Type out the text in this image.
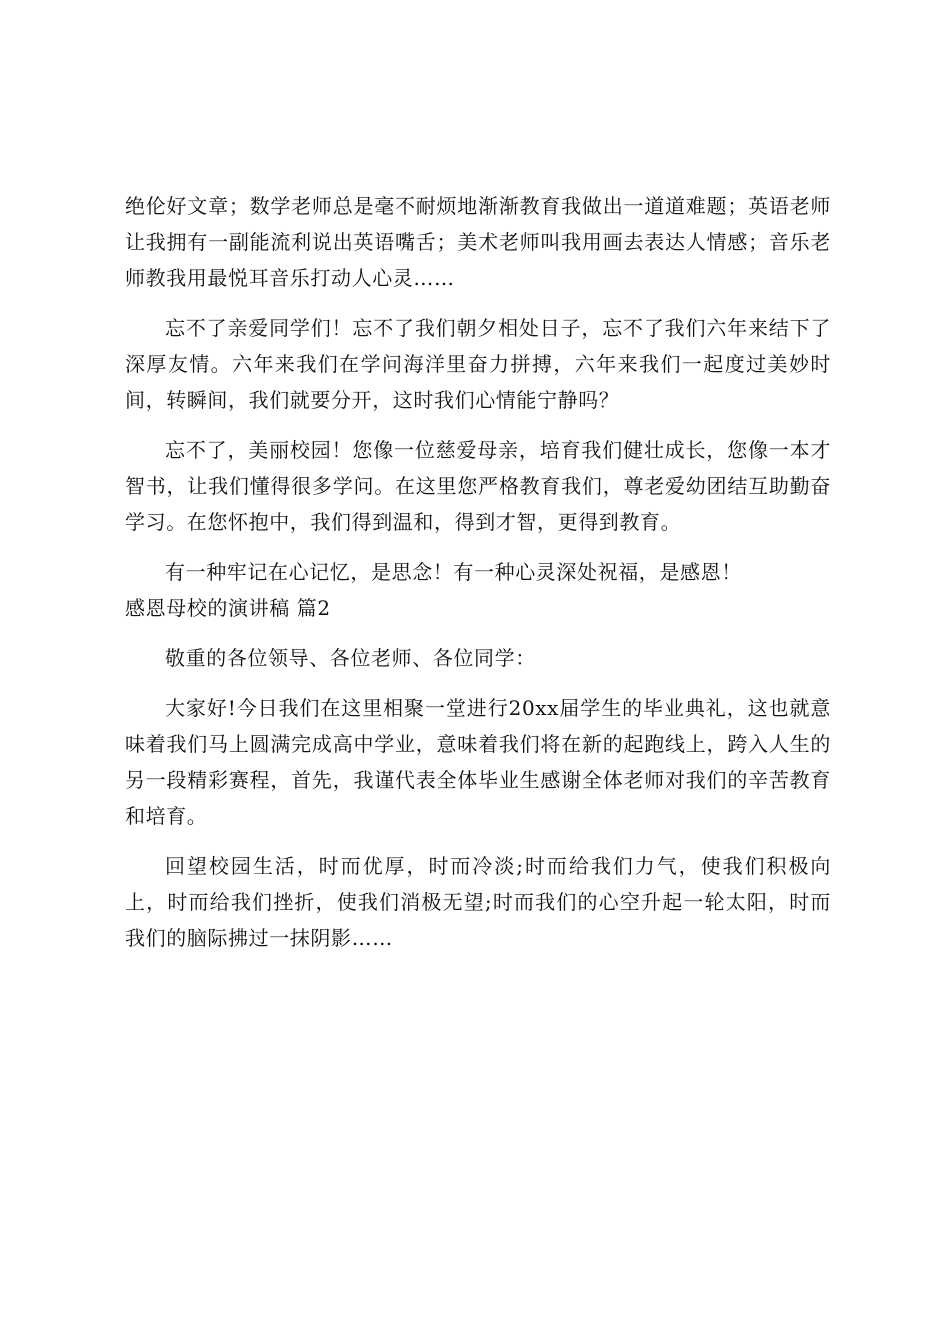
绝伦好文章；数学老师总是毫不耐烦地渐渐教育我做出一道道难题；英语老师让我拥有一副能流利说出英语嘴舌；美术老师叫我用画去表达人情感；音乐老师教我用最悦耳音乐打动人心灵……

忘不了亲爱同学们！忘不了我们朝夕相处日子，忘不了我们六年来结下了深厚友情。六年来我们在学问海洋里奋力拼搏，六年来我们一起度过美妙时间，转瞬间，我们就要分开，这时我们心情能宁静吗？

忘不了，美丽校园！您像一位慈爱母亲，培育我们健壮成长，您像一本才智书，让我们懂得很多学问。在这里您严格教育我们，尊老爱幼团结互助勤奋学习。在您怀抱中，我们得到温和，得到才智，更得到教育。

有一种牢记在心记忆，是思念！有一种心灵深处祝福，是感恩！

感恩母校的演讲稿 篇2

敬重的各位领导、各位老师、各位同学：

大家好!今日我们在这里相聚一堂进行20xx届学生的毕业典礼，这也就意味着我们马上圆满完成高中学业，意味着我们将在新的起跑线上，跨入人生的另一段精彩赛程，首先，我谨代表全体毕业生感谢全体老师对我们的辛苦教育和培育。

回望校园生活，时而优厚，时而冷淡;时而给我们力气，使我们积极向上，时而给我们挫折，使我们消极无望;时而我们的心空升起一轮太阳，时而我们的脑际拂过一抹阴影……
